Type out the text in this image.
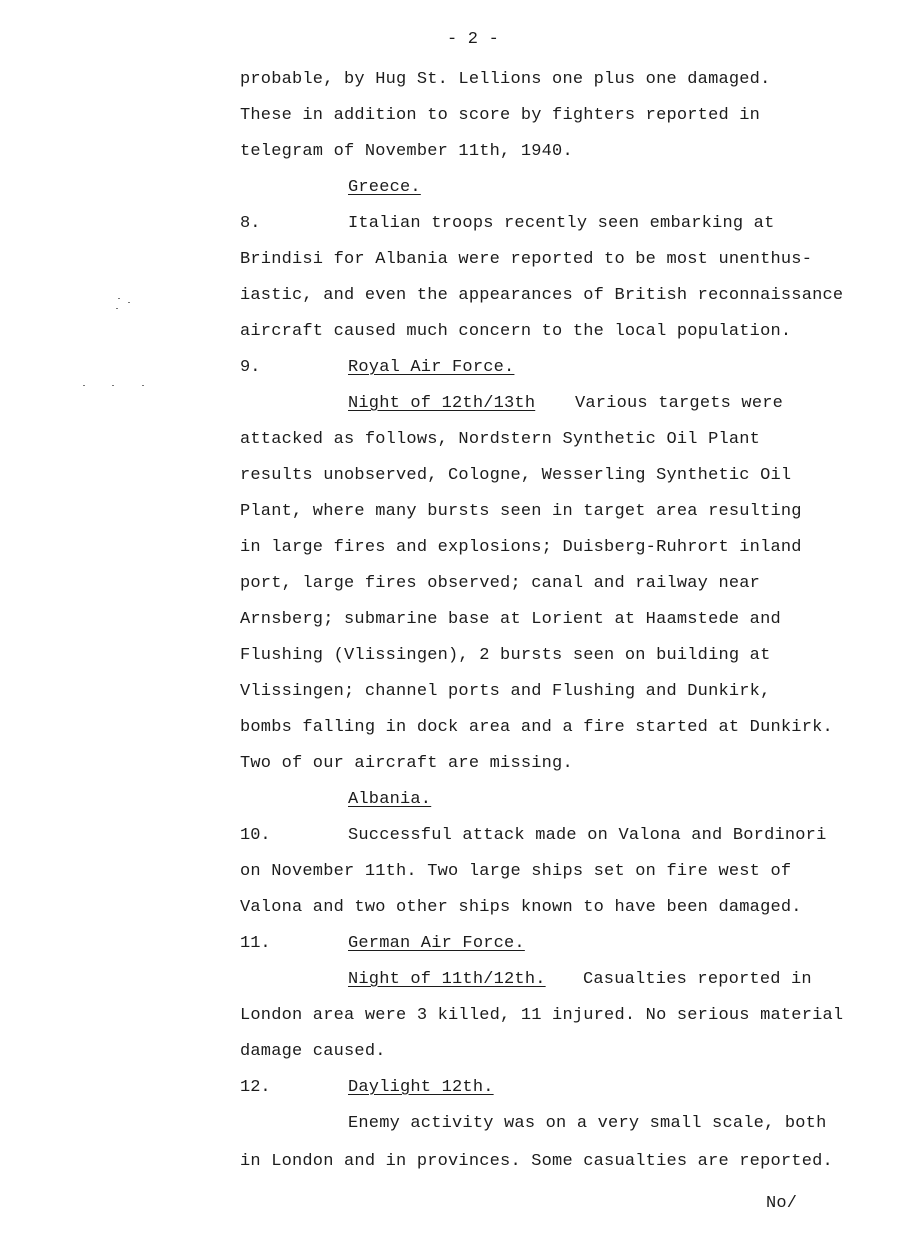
- 2 -
probable, by Hug St. Lellions one plus one damaged.
These in addition to score by fighters reported in
telegram of November 11th, 1940.
Greece.
8.	Italian troops recently seen embarking at
Brindisi for Albania were reported to be most unenthus-
iastic, and even the appearances of British reconnaissance
aircraft caused much concern to the local population.
9.	Royal Air Force.
Night of 12th/13th Various targets were
attacked as follows, Nordstern Synthetic Oil Plant
results unobserved, Cologne, Wesserling Synthetic Oil
Plant, where many bursts seen in target area resulting
in large fires and explosions; Duisberg-Ruhrort inland
port, large fires observed; canal and railway near
Arnsberg; submarine base at Lorient at Haamstede and
Flushing (Vlissingen), 2 bursts seen on building at
Vlissingen; channel ports and Flushing and Dunkirk,
bombs falling in dock area and a fire started at Dunkirk.
Two of our aircraft are missing.
Albania.
10.	Successful attack made on Valona and Bordinori
on November 11th. Two large ships set on fire west of
Valona and two other ships known to have been damaged.
11.	German Air Force.
Night of 11th/12th. Casualties reported in
London area were 3 killed, 11 injured. No serious material
damage caused.
12.	Daylight 12th.
Enemy activity was on a very small scale, both
in London and in provinces. Some casualties are reported.
No/
